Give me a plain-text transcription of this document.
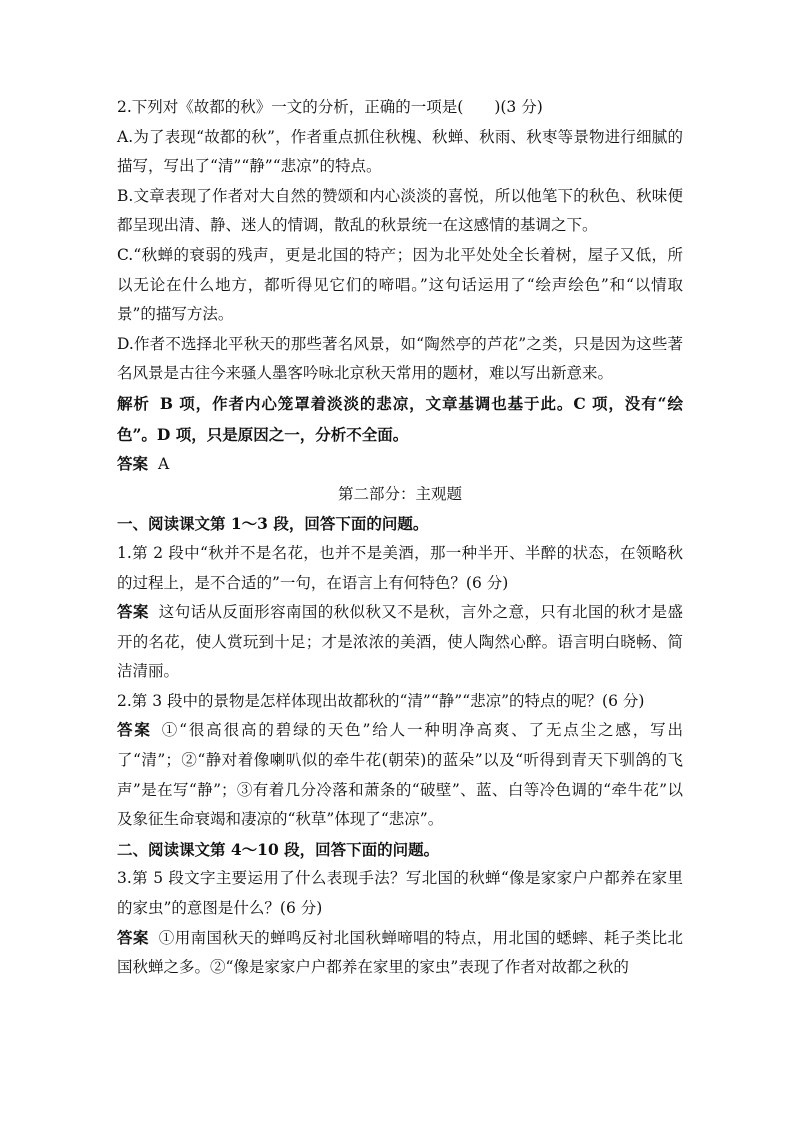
2.下列对《故都的秋》一文的分析，正确的一项是(　　)(3 分)

A.为了表现“故都的秋”，作者重点抓住秋槐、秋蝉、秋雨、秋枣等景物进行细腻的描写，写出了“清”“静”“悲凉”的特点。

B.文章表现了作者对大自然的赞颂和内心淡淡的喜悦，所以他笔下的秋色、秋味便都呈现出清、静、迷人的情调，散乱的秋景统一在这感情的基调之下。

C.“秋蝉的衰弱的残声，更是北国的特产；因为北平处处全长着树，屋子又低，所以无论在什么地方，都听得见它们的啼唱。”这句话运用了“绘声绘色”和“以情取景”的描写方法。

D.作者不选择北平秋天的那些著名风景，如“陶然亭的芦花”之类，只是因为这些著名风景是古往今来骚人墨客吟咏北京秋天常用的题材，难以写出新意来。

解析 B 项，作者内心笼罩着淡淡的悲凉，文章基调也基于此。C 项，没有“绘色”。D 项，只是原因之一，分析不全面。

答案 A

第二部分：主观题

一、阅读课文第 1～3 段，回答下面的问题。

1.第 2 段中“秋并不是名花，也并不是美酒，那一种半开、半醉的状态，在领略秋的过程上，是不合适的”一句，在语言上有何特色？(6 分)

答案 这句话从反面形容南国的秋似秋又不是秋，言外之意，只有北国的秋才是盛开的名花，使人赏玩到十足；才是浓浓的美酒，使人陶然心醉。语言明白晓畅、简洁清丽。

2.第 3 段中的景物是怎样体现出故都秋的“清”“静”“悲凉”的特点的呢？(6 分)

答案 ①“很高很高的碧绿的天色”给人一种明净高爽、了无点尘之感，写出了“清”；②“静对着像喇叭似的牵牛花(朝荣)的蓝朵”以及“听得到青天下驯鸽的飞声”是在写“静”；③有着几分冷落和萧条的“破壁”、蓝、白等冷色调的“牵牛花”以及象征生命衰竭和凄凉的“秋草”体现了“悲凉”。

二、阅读课文第 4～10 段，回答下面的问题。

3.第 5 段文字主要运用了什么表现手法？写北国的秋蝉“像是家家户户都养在家里的家虫”的意图是什么？(6 分)

答案 ①用南国秋天的蝉鸣反衬北国秋蝉啼唱的特点，用北国的蟋蟀、耗子类比北国秋蝉之多。②“像是家家户户都养在家里的家虫”表现了作者对故都之秋的
